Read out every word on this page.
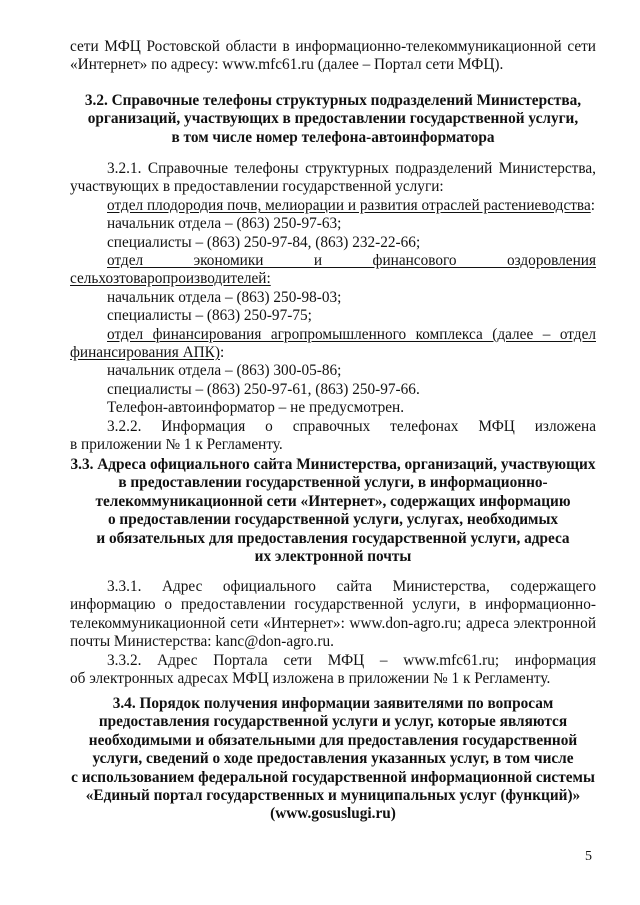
сети МФЦ Ростовской области в информационно-телекоммуникационной сети
«Интернет» по адресу: www.mfc61.ru (далее – Портал сети МФЦ).
3.2. Справочные телефоны структурных подразделений Министерства,
организаций, участвующих в предоставлении государственной услуги,
в том числе номер телефона-автоинформатора
3.2.1. Справочные телефоны структурных подразделений Министерства,
участвующих в предоставлении государственной услуги:
отдел плодородия почв, мелиорации и развития отраслей растениеводства:
начальник отдела – (863) 250-97-63;
специалисты – (863) 250-97-84, (863) 232-22-66;
отдел экономики и финансового оздоровления
сельхозтоваропроизводителей:
начальник отдела – (863) 250-98-03;
специалисты – (863) 250-97-75;
отдел финансирования агропромышленного комплекса (далее – отдел
финансирования АПК):
начальник отдела – (863) 300-05-86;
специалисты – (863) 250-97-61, (863) 250-97-66.
Телефон-автоинформатор – не предусмотрен.
3.2.2. Информация о справочных телефонах МФЦ изложена
в приложении № 1 к Регламенту.
3.3. Адреса официального сайта Министерства, организаций, участвующих
в предоставлении государственной услуги, в информационно-
телекоммуникационной сети «Интернет», содержащих информацию
о предоставлении государственной услуги, услугах, необходимых
и обязательных для предоставления государственной услуги, адреса
их электронной почты
3.3.1. Адрес официального сайта Министерства, содержащего
информацию о предоставлении государственной услуги, в информационно-
телекоммуникационной сети «Интернет»: www.don-agro.ru; адреса электронной
почты Министерства: kanc@don-agro.ru.
3.3.2. Адрес Портала сети МФЦ – www.mfc61.ru; информация
об электронных адресах МФЦ изложена в приложении № 1 к Регламенту.
3.4. Порядок получения информации заявителями по вопросам
предоставления государственной услуги и услуг, которые являются
необходимыми и обязательными для предоставления государственной
услуги, сведений о ходе предоставления указанных услуг, в том числе
с использованием федеральной государственной информационной системы
«Единый портал государственных и муниципальных услуг (функций)»
(www.gosuslugi.ru)
5
